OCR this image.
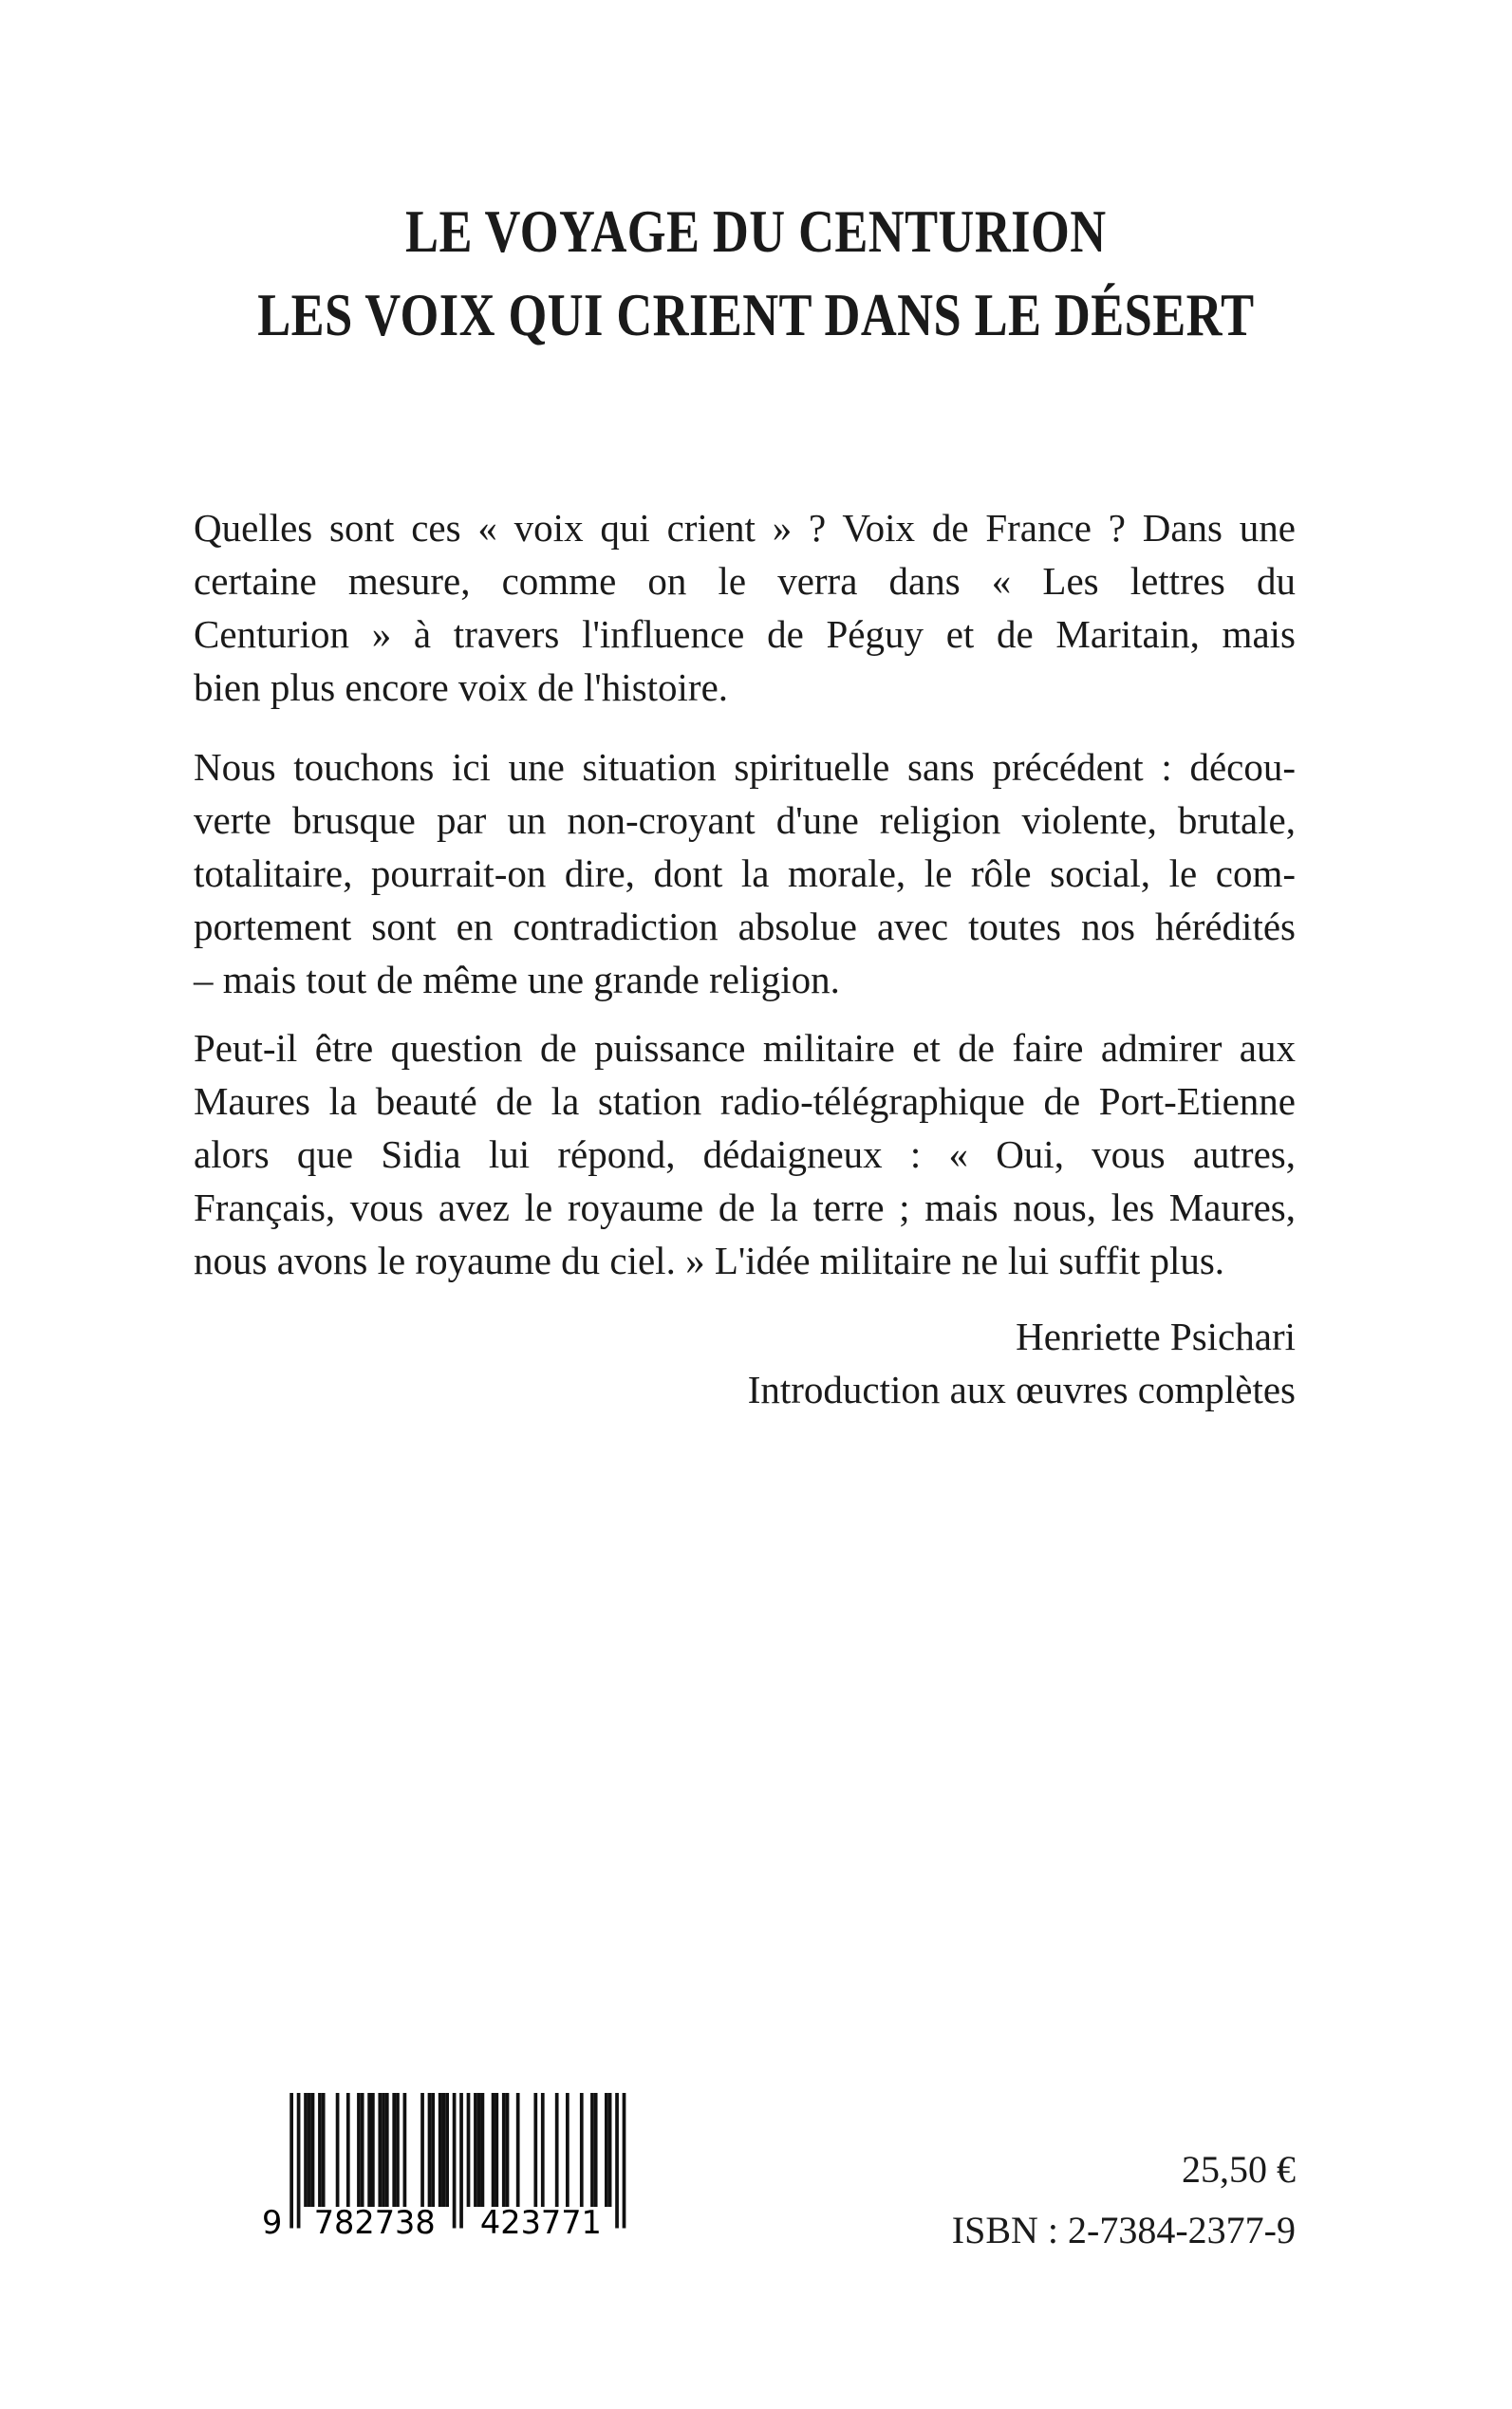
LE VOYAGE DU CENTURION
LES VOIX QUI CRIENT DANS LE DÉSERT
Quelles sont ces « voix qui crient » ? Voix de France ? Dans une
certaine mesure, comme on le verra dans « Les lettres du
Centurion » à travers l'influence de Péguy et de Maritain, mais
bien plus encore voix de l'histoire.
Nous touchons ici une situation spirituelle sans précédent : décou-
verte brusque par un non-croyant d'une religion violente, brutale,
totalitaire, pourrait-on dire, dont la morale, le rôle social, le com-
portement sont en contradiction absolue avec toutes nos hérédités
– mais tout de même une grande religion.
Peut-il être question de puissance militaire et de faire admirer aux
Maures la beauté de la station radio-télégraphique de Port-Etienne
alors que Sidia lui répond, dédaigneux : « Oui, vous autres,
Français, vous avez le royaume de la terre ; mais nous, les Maures,
nous avons le royaume du ciel. » L'idée militaire ne lui suffit plus.
Henriette Psichari
Introduction aux œuvres complètes
9	782738	423771
25,50 €
ISBN : 2-7384-2377-9
